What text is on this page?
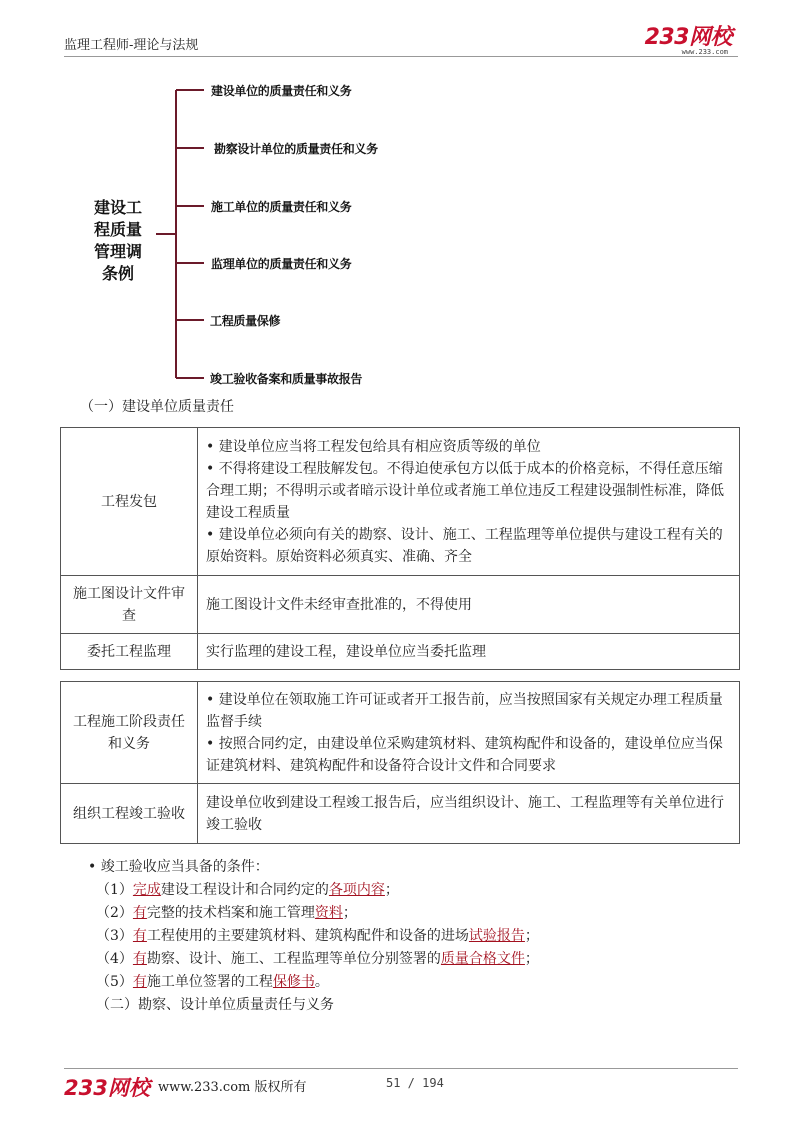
监理工程师-理论与法规	233网校
www.233.com
建设工
程质量
管理调
条例
建设单位的质量责任和义务
勘察设计单位的质量责任和义务
施工单位的质量责任和义务
监理单位的质量责任和义务
工程质量保修
竣工验收备案和质量事故报告
（一）建设单位质量责任
工程发包	• 建设单位应当将工程发包给具有相应资质等级的单位
• 不得将建设工程肢解发包。不得迫使承包方以低于成本的价格竞标，不得任意压缩合理工期；不得明示或者暗示设计单位或者施工单位违反工程建设强制性标准，降低建设工程质量
• 建设单位必须向有关的勘察、设计、施工、工程监理等单位提供与建设工程有关的原始资料。原始资料必须真实、准确、齐全

施工图设计文件审查	施工图设计文件未经审查批准的，不得使用
委托工程监理	实行监理的建设工程，建设单位应当委托监理
工程施工阶段责任和义务	• 建设单位在领取施工许可证或者开工报告前，应当按照国家有关规定办理工程质量监督手续
• 按照合同约定，由建设单位采购建筑材料、建筑构配件和设备的，建设单位应当保证建筑材料、建筑构配件和设备符合设计文件和合同要求

组织工程竣工验收	建设单位收到建设工程竣工报告后，应当组织设计、施工、工程监理等有关单位进行竣工验收
• 竣工验收应当具备的条件：
（1）完成建设工程设计和合同约定的各项内容；
（2）有完整的技术档案和施工管理资料；
（3）有工程使用的主要建筑材料、建筑构配件和设备的进场试验报告；
（4）有勘察、设计、施工、工程监理等单位分别签署的质量合格文件；
（5）有施工单位签署的工程保修书。
（二）勘察、设计单位质量责任与义务
233网校 www.233.com 版权所有	51 / 194
